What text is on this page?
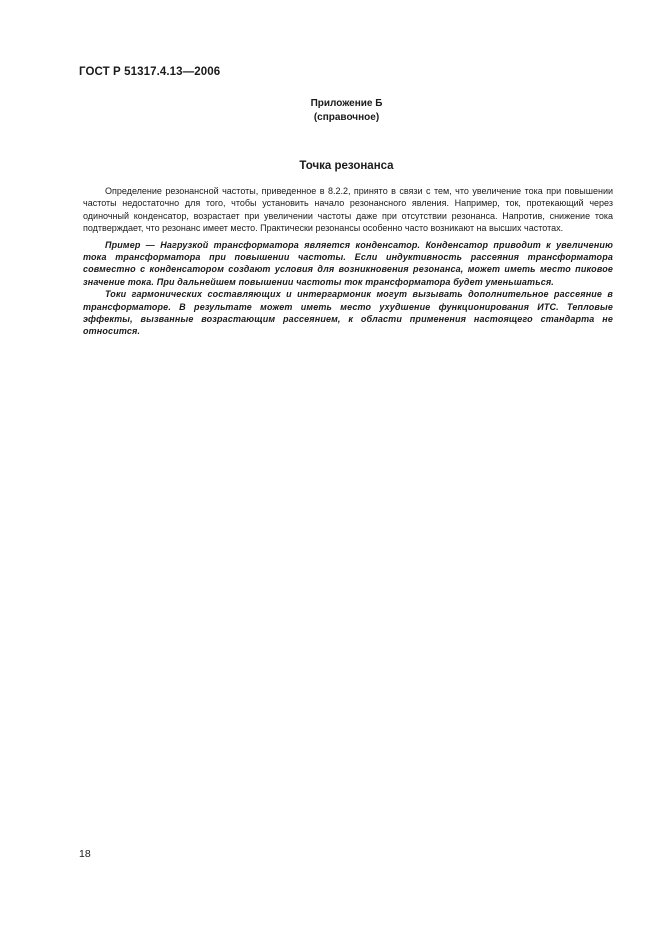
ГОСТ Р 51317.4.13—2006
Приложение Б
(справочное)
Точка резонанса

Определение резонансной частоты, приведенное в 8.2.2, принято в связи с тем, что увеличение тока при повышении частоты недостаточно для того, чтобы установить начало резонансного явления. Например, ток, протекающий через одиночный конденсатор, возрастает при увеличении частоты даже при отсутствии резонанса. Напротив, снижение тока подтверждает, что резонанс имеет место. Практически резонансы особенно часто возникают на высших частотах.

Пример — Нагрузкой трансформатора является конденсатор. Конденсатор приводит к увеличению тока трансформатора при повышении частоты. Если индуктивность рассеяния трансформатора совместно с конденсатором создают условия для возникновения резонанса, может иметь место пиковое значение тока. При дальнейшем повышении частоты ток трансформатора будет уменьшаться.

Токи гармонических составляющих и интергармоник могут вызывать дополнительное рассеяние в трансформаторе. В результате может иметь место ухудшение функционирования ИТС. Тепловые эффекты, вызванные возрастающим рассеянием, к области применения настоящего стандарта не относится.

18
